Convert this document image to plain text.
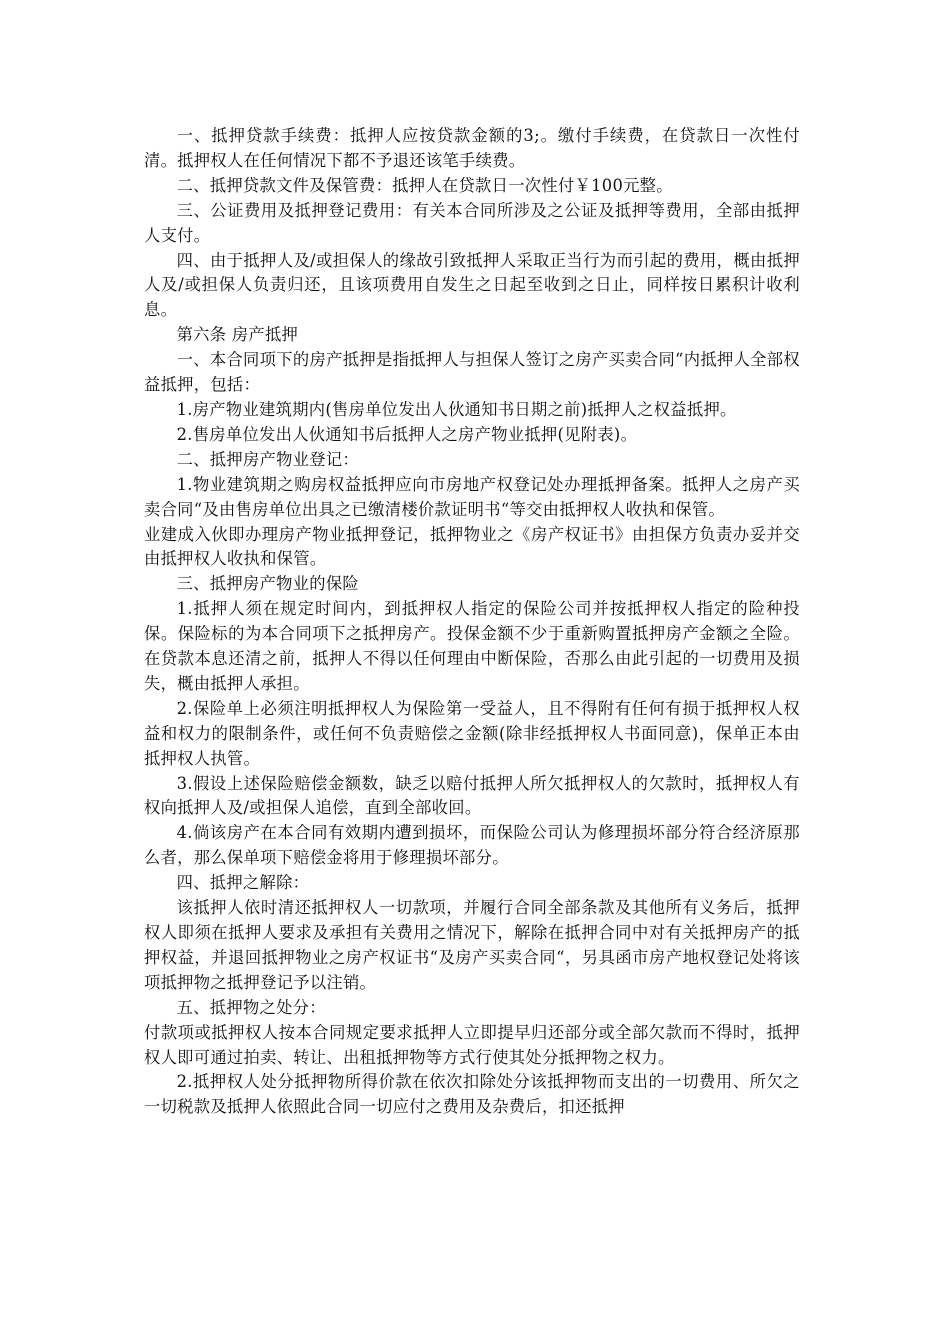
一、抵押贷款手续费：抵押人应按贷款金额的3;。缴付手续费，在贷款日一次性付清。抵押权人在任何情况下都不予退还该笔手续费。

二、抵押贷款文件及保管费：抵押人在贷款日一次性付￥100元整。

三、公证费用及抵押登记费用：有关本合同所涉及之公证及抵押等费用，全部由抵押人支付。

四、由于抵押人及/或担保人的缘故引致抵押人采取正当行为而引起的费用，概由抵押人及/或担保人负责归还，且该项费用自发生之日起至收到之日止，同样按日累积计收利息。

第六条 房产抵押

一、本合同项下的房产抵押是指抵押人与担保人签订之房产买卖合同“内抵押人全部权益抵押，包括：

1.房产物业建筑期内(售房单位发出人伙通知书日期之前)抵押人之权益抵押。

2.售房单位发出人伙通知书后抵押人之房产物业抵押(见附表)。

二、抵押房产物业登记：

1.物业建筑期之购房权益抵押应向市房地产权登记处办理抵押备案。抵押人之房产买卖合同“及由售房单位出具之已缴清楼价款证明书“等交由抵押权人收执和保管。

业建成入伙即办理房产物业抵押登记，抵押物业之《房产权证书》由担保方负责办妥并交由抵押权人收执和保管。

三、抵押房产物业的保险

1.抵押人须在规定时间内，到抵押权人指定的保险公司并按抵押权人指定的险种投保。保险标的为本合同项下之抵押房产。投保金额不少于重新购置抵押房产金额之全险。在贷款本息还清之前，抵押人不得以任何理由中断保险，否那么由此引起的一切费用及损失，概由抵押人承担。

2.保险单上必须注明抵押权人为保险第一受益人，且不得附有任何有损于抵押权人权益和权力的限制条件，或任何不负责赔偿之金额(除非经抵押权人书面同意)，保单正本由抵押权人执管。

3.假设上述保险赔偿金额数，缺乏以赔付抵押人所欠抵押权人的欠款时，抵押权人有权向抵押人及/或担保人追偿，直到全部收回。

4.倘该房产在本合同有效期内遭到损坏，而保险公司认为修理损坏部分符合经济原那么者，那么保单项下赔偿金将用于修理损坏部分。

四、抵押之解除：

该抵押人依时清还抵押权人一切款项，并履行合同全部条款及其他所有义务后，抵押权人即须在抵押人要求及承担有关费用之情况下，解除在抵押合同中对有关抵押房产的抵押权益，并退回抵押物业之房产权证书“及房产买卖合同“，另具函市房产地权登记处将该项抵押物之抵押登记予以注销。

五、抵押物之处分：

付款项或抵押权人按本合同规定要求抵押人立即提早归还部分或全部欠款而不得时，抵押权人即可通过拍卖、转让、出租抵押物等方式行使其处分抵押物之权力。

2.抵押权人处分抵押物所得价款在依次扣除处分该抵押物而支出的一切费用、所欠之一切税款及抵押人依照此合同一切应付之费用及杂费后，扣还抵押
